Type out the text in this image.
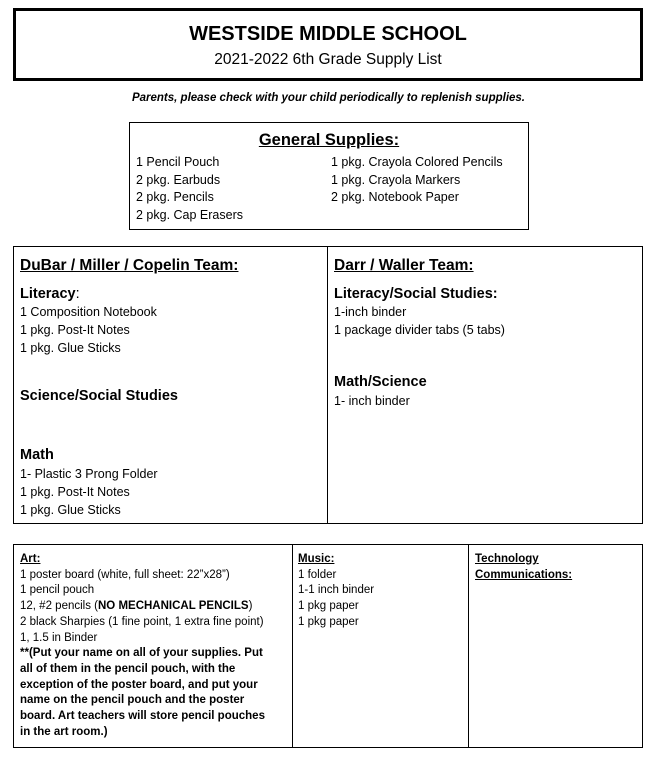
WESTSIDE MIDDLE SCHOOL
2021-2022 6th Grade Supply List
Parents, please check with your child periodically to replenish supplies.
General Supplies:
1 Pencil Pouch
2 pkg. Earbuds
2 pkg. Pencils
2 pkg. Cap Erasers
1 pkg. Crayola Colored Pencils
1 pkg. Crayola Markers
2 pkg. Notebook Paper
DuBar / Miller / Copelin Team:
Literacy:
1 Composition Notebook
1 pkg. Post-It Notes
1 pkg. Glue Sticks
Science/Social Studies
Math
1- Plastic 3 Prong Folder
1 pkg. Post-It Notes
1 pkg. Glue Sticks
Darr / Waller Team:
Literacy/Social Studies:
1-inch binder
1 package divider tabs (5 tabs)
Math/Science
1- inch binder
Art:
1 poster board (white, full sheet: 22”x28”)
1 pencil pouch
12, #2 pencils (NO MECHANICAL PENCILS)
2 black Sharpies (1 fine point, 1 extra fine point)
1, 1.5 in Binder
**(Put your name on all of your supplies. Put
all of them in the pencil pouch, with the
exception of the poster board, and put your
name on the pencil pouch and the poster
board. Art teachers will store pencil pouches
in the art room.)
Music:
1 folder
1-1 inch binder
1 pkg paper
1 pkg paper
Technology
Communications:
